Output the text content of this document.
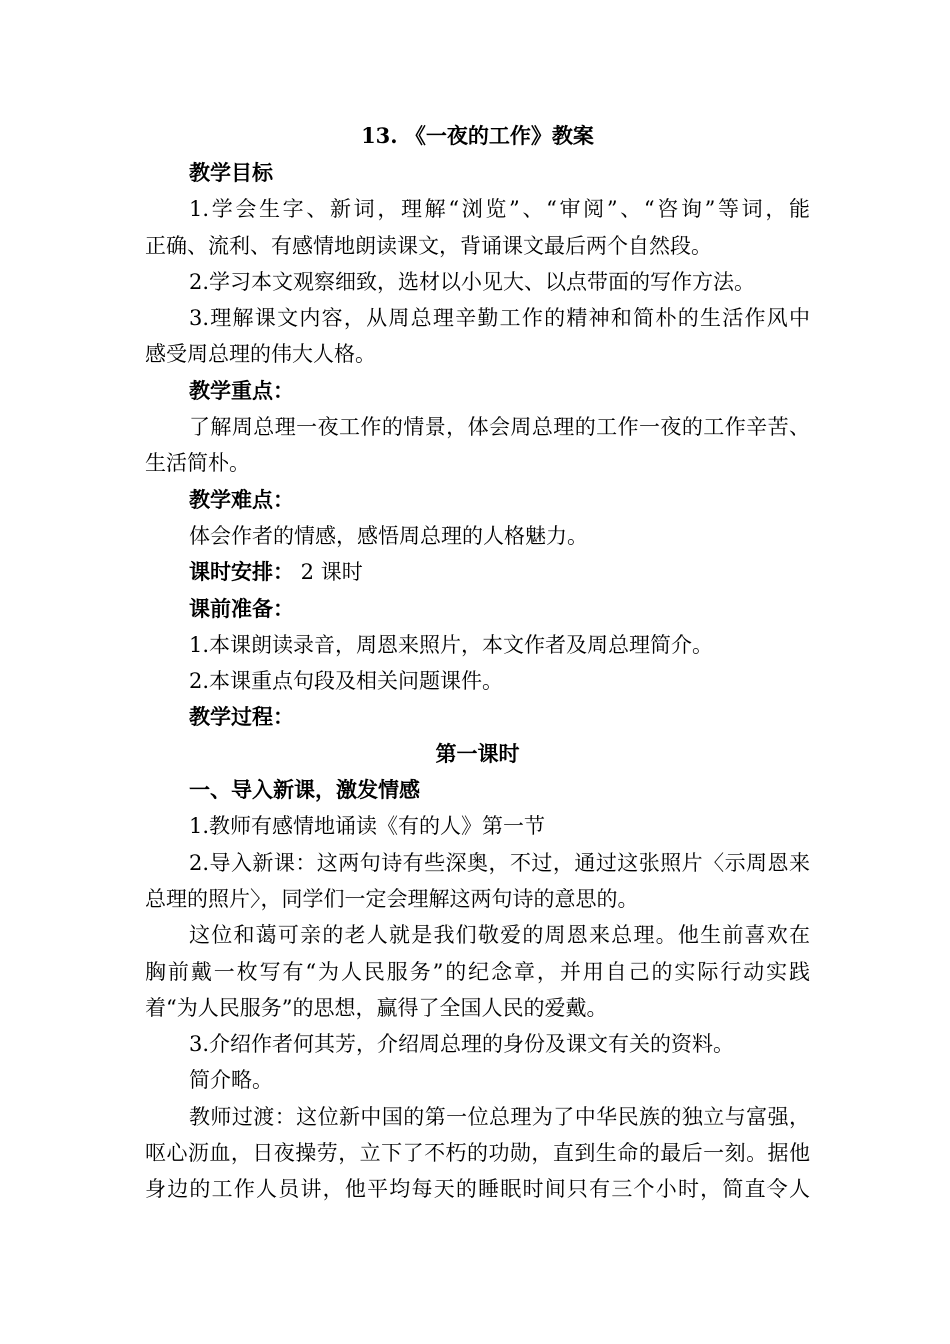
13. 《一夜的工作》教案
教学目标
1.学会生字、新词，理解“浏览”、“审阅”、“咨询”等词，能
正确、流利、有感情地朗读课文，背诵课文最后两个自然段。
2.学习本文观察细致，选材以小见大、以点带面的写作方法。
3.理解课文内容，从周总理辛勤工作的精神和简朴的生活作风中
感受周总理的伟大人格。
教学重点：
了解周总理一夜工作的情景，体会周总理的工作一夜的工作辛苦、
生活简朴。
教学难点：
体会作者的情感，感悟周总理的人格魅力。
课时安排： 2 课时
课前准备：
1.本课朗读录音，周恩来照片，本文作者及周总理简介。
2.本课重点句段及相关问题课件。
教学过程：
第一课时
一、导入新课，激发情感
1.教师有感情地诵读《有的人》第一节
2.导入新课：这两句诗有些深奥，不过，通过这张照片〈示周恩来
总理的照片〉，同学们一定会理解这两句诗的意思的。
这位和蔼可亲的老人就是我们敬爱的周恩来总理。他生前喜欢在
胸前戴一枚写有“为人民服务”的纪念章，并用自己的实际行动实践
着“为人民服务”的思想，赢得了全国人民的爱戴。
3.介绍作者何其芳，介绍周总理的身份及课文有关的资料。
简介略。
教师过渡：这位新中国的第一位总理为了中华民族的独立与富强，
呕心沥血，日夜操劳，立下了不朽的功勋，直到生命的最后一刻。据他
身边的工作人员讲，他平均每天的睡眠时间只有三个小时，简直令人
